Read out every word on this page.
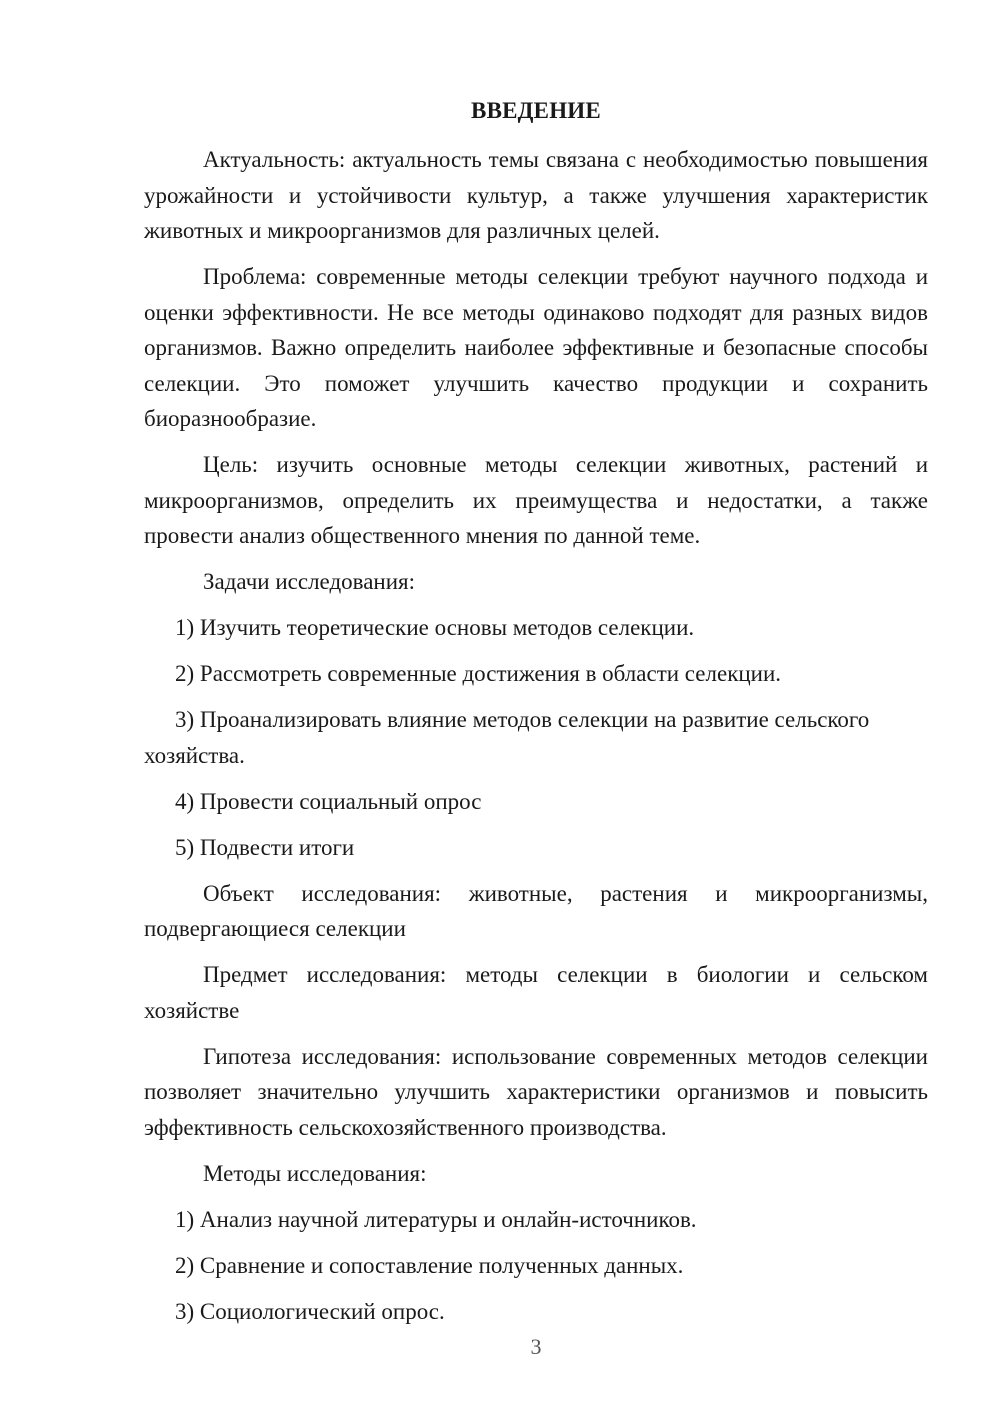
ВВЕДЕНИЕ

Актуальность: актуальность темы связана с необходимостью повышения урожайности и устойчивости культур, а также улучшения характеристик животных и микроорганизмов для различных целей.

Проблема: современные методы селекции требуют научного подхода и оценки эффективности. Не все методы одинаково подходят для разных видов организмов. Важно определить наиболее эффективные и безопасные способы селекции. Это поможет улучшить качество продукции и сохранить биоразнообразие.

Цель: изучить основные методы селекции животных, растений и микроорганизмов, определить их преимущества и недостатки, а также провести анализ общественного мнения по данной теме.

Задачи исследования:

1) Изучить теоретические основы методов селекции.

2) Рассмотреть современные достижения в области селекции.

3) Проанализировать влияние методов селекции на развитие сельского хозяйства.

4) Провести социальный опрос

5) Подвести итоги

Объект исследования: животные, растения и микроорганизмы, подвергающиеся селекции

Предмет исследования: методы селекции в биологии и сельском хозяйстве

Гипотеза исследования: использование современных методов селекции позволяет значительно улучшить характеристики организмов и повысить эффективность сельскохозяйственного производства.

Методы исследования:

1) Анализ научной литературы и онлайн-источников.

2) Сравнение и сопоставление полученных данных.

3) Социологический опрос.

3
